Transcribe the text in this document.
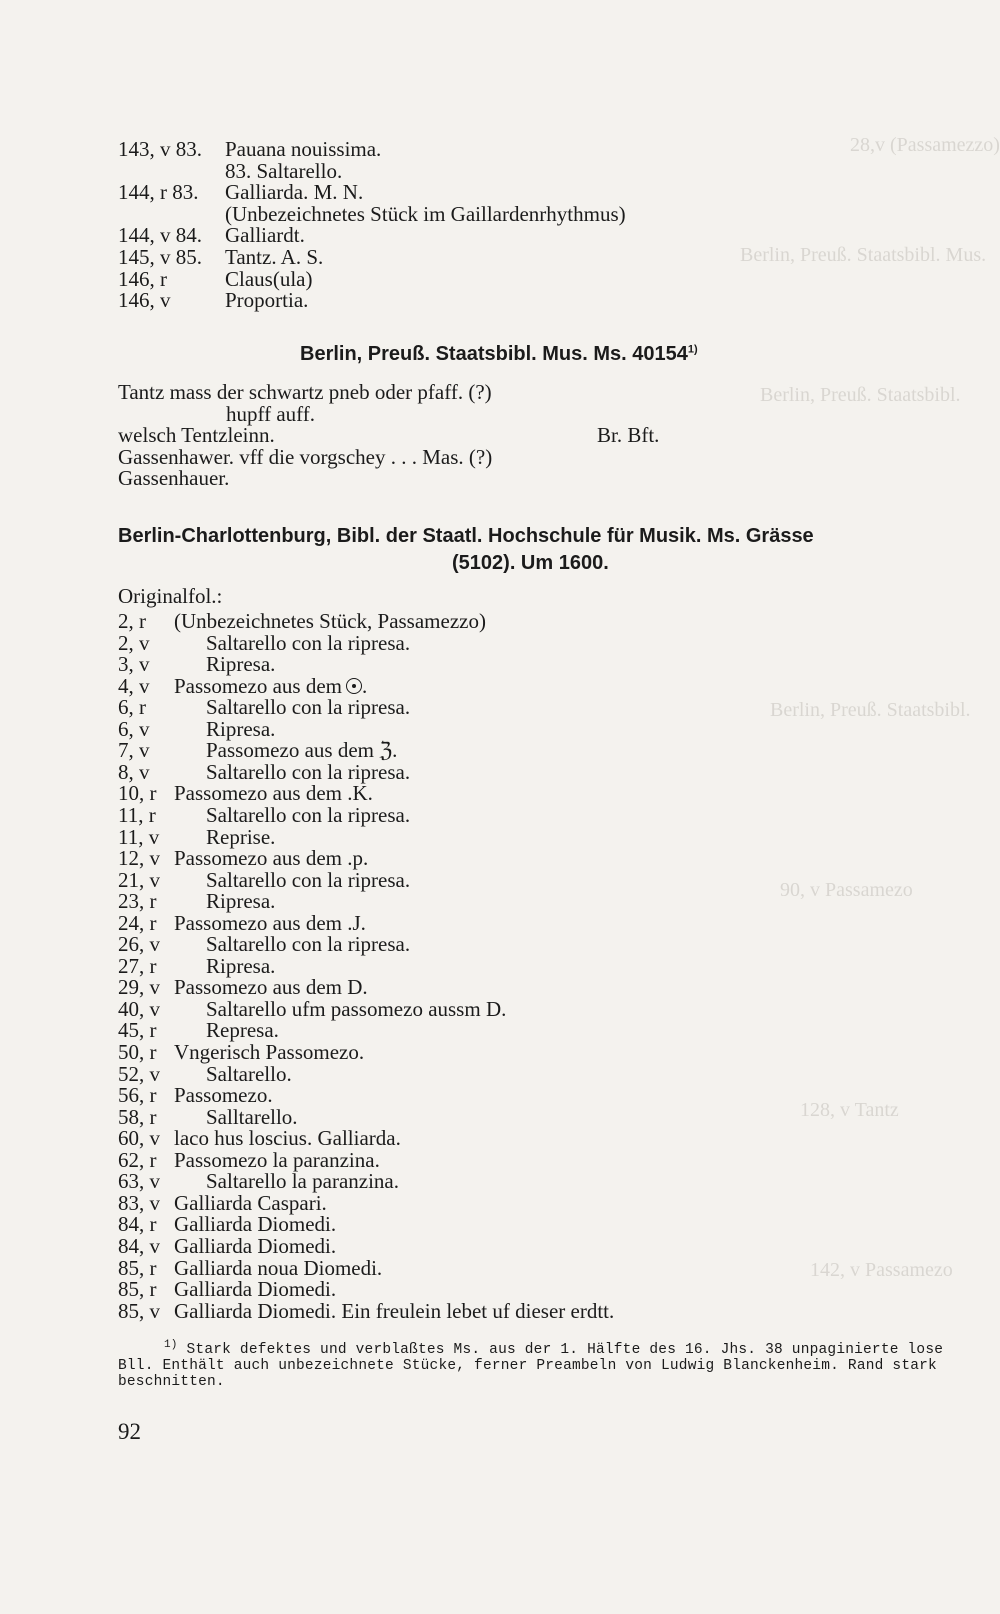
28,v (Passamezzo)
Berlin, Preuß. Staatsbibl. Mus.
Berlin, Preuß. Staatsbibl.
Berlin, Preuß. Staatsbibl.
90, v Passamezo
128, v Tantz
142, v Passamezo
143, v 83. Pauana nouissima.
83. Saltarello.
144, r 83. Galliarda. M. N.
(Unbezeichnetes Stück im Gaillardenrhythmus)
144, v 84. Galliardt.
145, v 85. Tantz. A. S.
146, r	Claus(ula)
146, v	Proportia.
Berlin, Preuß. Staatsbibl. Mus. Ms. 40154$^{1)}$
Tantz mass der schwartz pneb oder pfaff. (?)
hupff auff.
welsch Tentzleinn.	Br. Bft.
Gassenhawer. vff die vorgschey . . . Mas. (?)
Gassenhauer.
Berlin-Charlottenburg, Bibl. der Staatl. Hochschule für Musik. Ms. Grässe
(5102). Um 1600.
Originalfol.:
2, r (Unbezeichnetes Stück, Passamezzo)
2, v	Saltarello con la ripresa.
3, v	Ripresa.
4, v Passomezo aus dem .
6, r	Saltarello con la ripresa.
6, v	Ripresa.
7, v	Passomezo aus dem ℨ.
8, v	Saltarello con la ripresa.
10, r Passomezo aus dem .K.
11, r Saltarello con la ripresa.
11, v Reprise.
12, v Passomezo aus dem .p.
21, v Saltarello con la ripresa.
23, r Ripresa.
24, r Passomezo aus dem .J.
26, v Saltarello con la ripresa.
27, r Ripresa.
29, v Passomezo aus dem D.
40, v Saltarello ufm passomezo aussm D.
45, r Represa.
50, r Vngerisch Passomezo.
52, v Saltarello.
56, r Passomezo.
58, r Salltarello.
60, v laco hus loscius. Galliarda.
62, r Passomezo la paranzina.
63, v Saltarello la paranzina.
83, v Galliarda Caspari.
84, r Galliarda Diomedi.
84, v Galliarda Diomedi.
85, r Galliarda noua Diomedi.
85, r Galliarda Diomedi.
85, v Galliarda Diomedi. Ein freulein lebet uf dieser erdtt.
$^{1)}$ Stark defektes und verblaßtes Ms. aus der 1. Hälfte des 16. Jhs. 38 unpaginierte lose Bll. Enthält auch unbezeichnete Stücke, ferner Preambeln von Ludwig Blanckenheim. Rand stark beschnitten.
92
